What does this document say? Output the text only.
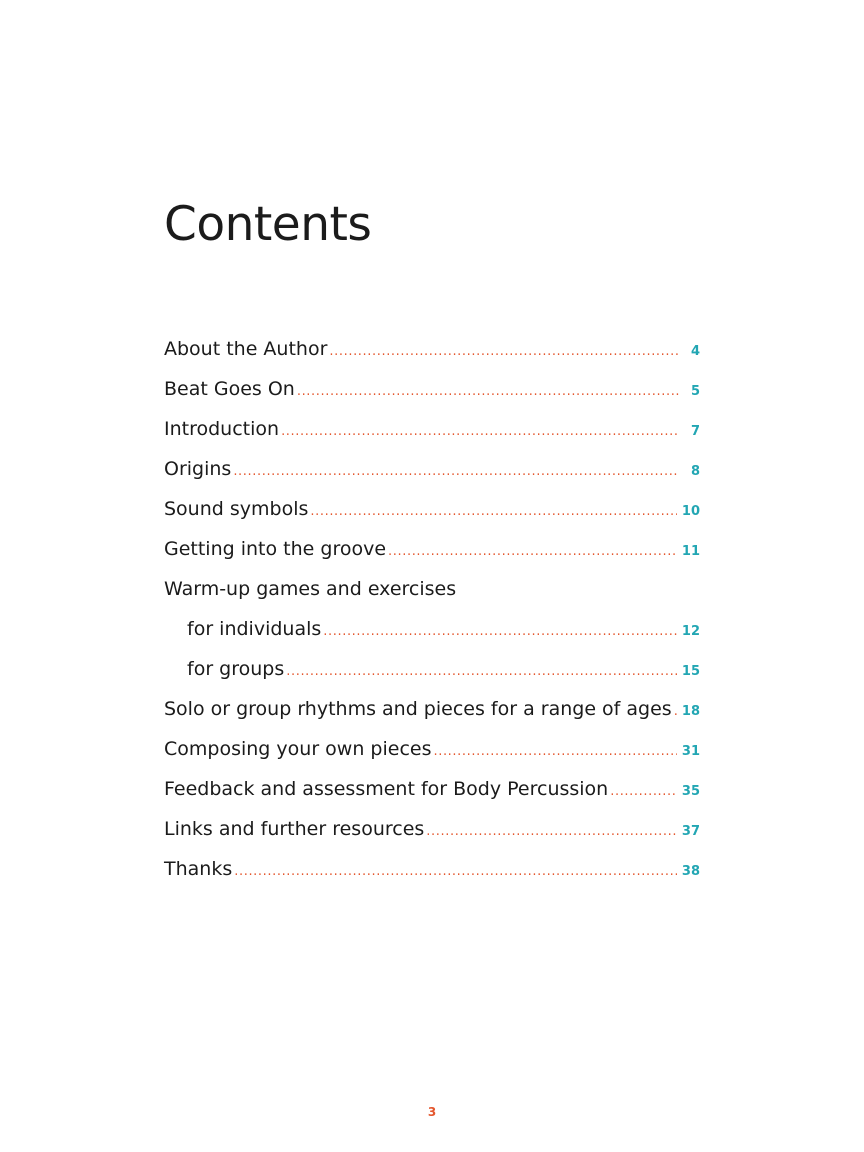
Contents
About the Author .....	4
Beat Goes On .....	5
Introduction .....	7
Origins .....	8
Sound symbols .....	10
Getting into the groove .....	11
Warm-up games and exercises
for individuals .....	12
for groups .....	15
Solo or group rhythms and pieces for a range of ages ..... 18
Composing your own pieces .....	31
Feedback and assessment for Body Percussion .....	35
Links and further resources .....	37
Thanks .....	38
3
